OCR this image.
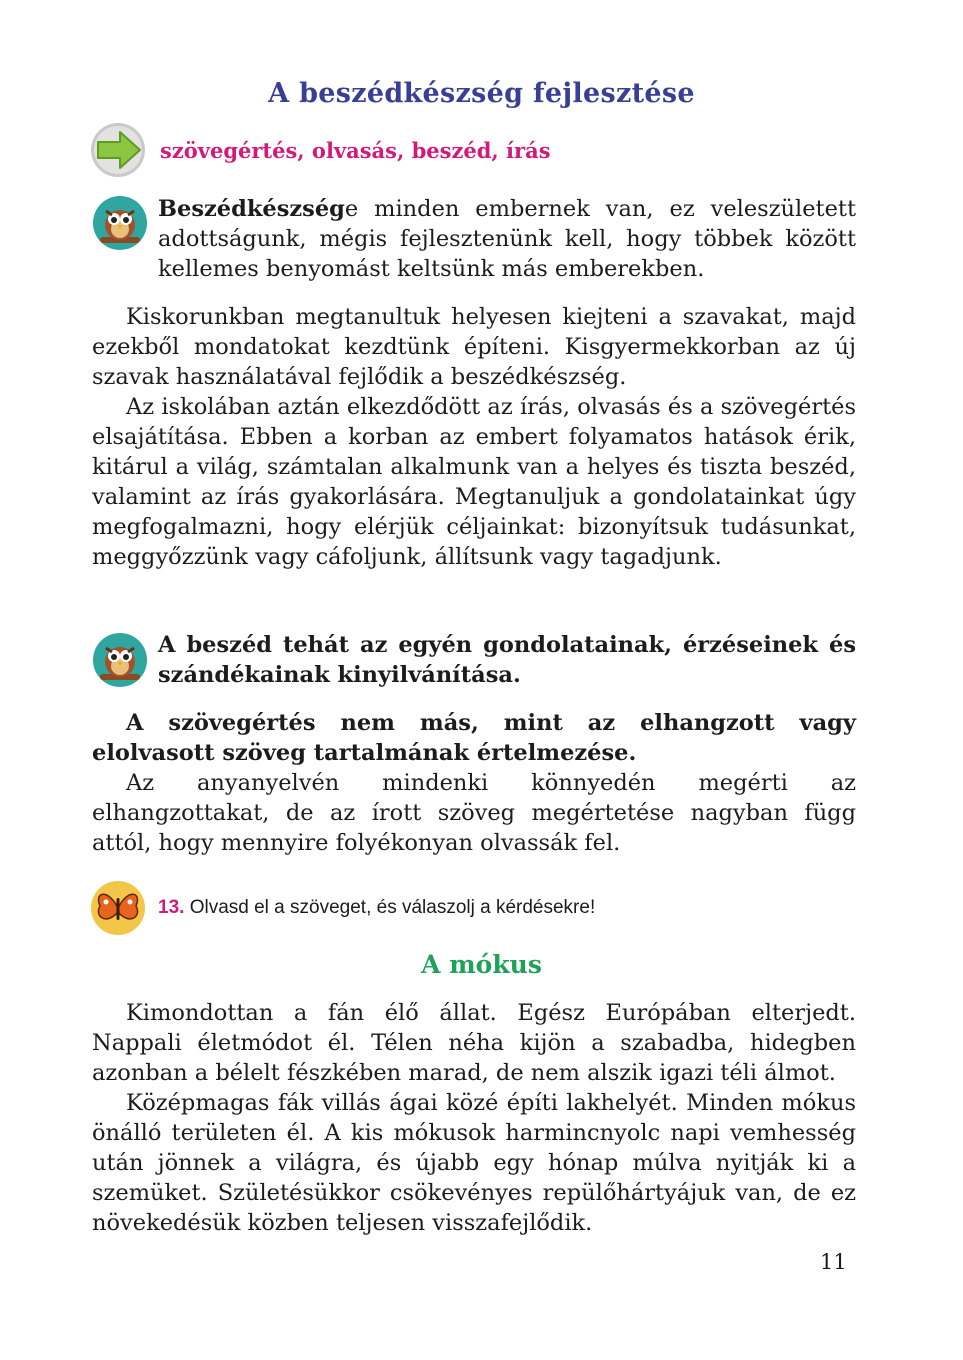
A beszédkészség fejlesztése
szövegértés, olvasás, beszéd, írás

Beszédkészsége minden embernek van, ez veleszületett adottságunk, mégis fejlesztenünk kell, hogy többek között kellemes benyomást keltsünk más emberekben.

Kiskorunkban megtanultuk helyesen kiejteni a szavakat, majd ezekből mondatokat kezdtünk építeni. Kisgyermekkorban az új szavak használatával fejlődik a beszédkészség.

Az iskolában aztán elkezdődött az írás, olvasás és a szövegértés elsajátítása. Ebben a korban az embert folyamatos hatások érik, kitárul a világ, számtalan alkalmunk van a helyes és tiszta beszéd, valamint az írás gyakorlására. Megtanuljuk a gondolatainkat úgy megfogalmazni, hogy elérjük céljainkat: bizonyítsuk tudásunkat, meggyőzzünk vagy cáfoljunk, állítsunk vagy tagadjunk.

A beszéd tehát az egyén gondolatainak, érzéseinek és szándékainak kinyilvánítása.

A szövegértés nem más, mint az elhangzott vagy elolvasott szöveg tartalmának értelmezése.

Az anyanyelvén mindenki könnyedén megérti az elhangzottakat, de az írott szöveg megértetése nagyban függ attól, hogy mennyire folyékonyan olvassák fel.

13. Olvasd el a szöveget, és válaszolj a kérdésekre!
A mókus

Kimondottan a fán élő állat. Egész Európában elterjedt. Nappali életmódot él. Télen néha kijön a szabadba, hidegben azonban a bélelt fészkében marad, de nem alszik igazi téli álmot.

Középmagas fák villás ágai közé építi lakhelyét. Minden mókus önálló területen él. A kis mókusok harmincnyolc napi vemhesség után jönnek a világra, és újabb egy hónap múlva nyitják ki a szemüket. Születésükkor csökevényes repülőhártyájuk van, de ez növekedésük közben teljesen visszafejlődik.

11
